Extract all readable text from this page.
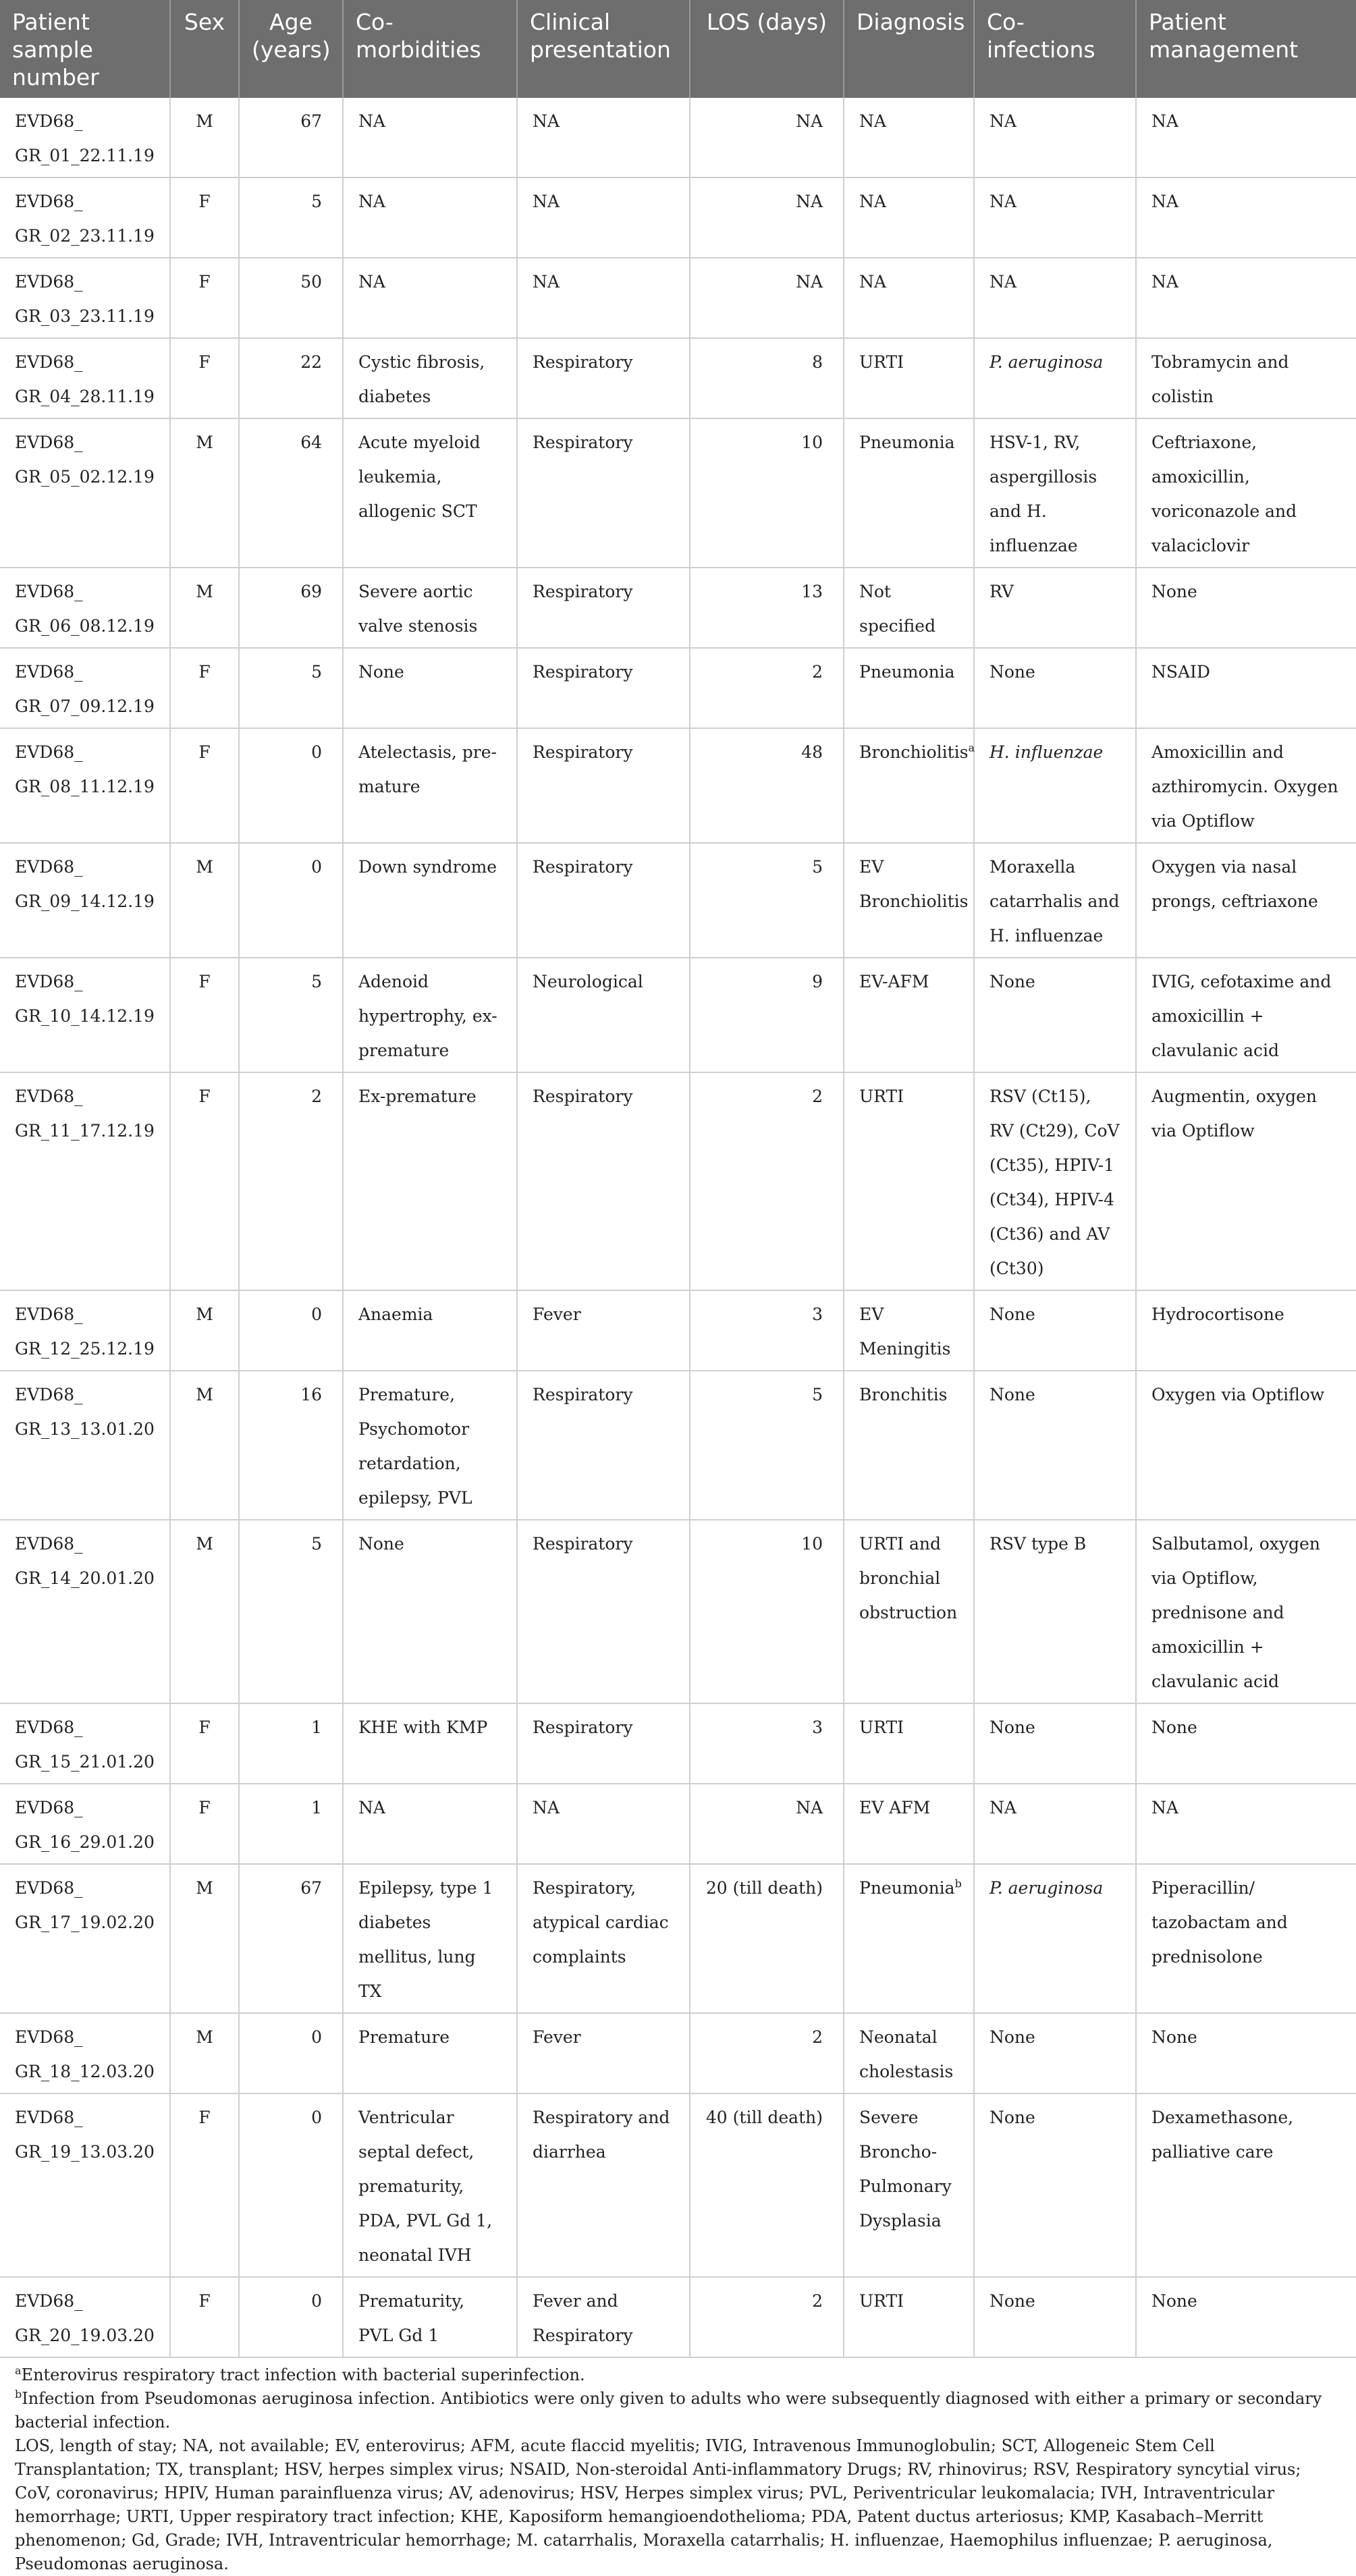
Patient sample number	Sex	Age (years)	Co-morbidities	Clinical presentation	LOS (days)	Diagnosis	Co-infections	Patient management
EVD68_ GR_01_22.11.19	M	67	NA	NA	NA	NA	NA	NA
EVD68_ GR_02_23.11.19	F	5	NA	NA	NA	NA	NA	NA
EVD68_ GR_03_23.11.19	F	50	NA	NA	NA	NA	NA	NA
EVD68_ GR_04_28.11.19	F	22	Cystic fibrosis, diabetes	Respiratory	8	URTI	P. aeruginosa	Tobramycin and colistin
EVD68_ GR_05_02.12.19	M	64	Acute myeloid leukemia, allogenic SCT	Respiratory	10	Pneumonia	HSV-1, RV, aspergillosis and H. influenzae	Ceftriaxone, amoxicillin, voriconazole and valaciclovir
EVD68_ GR_06_08.12.19	M	69	Severe aortic valve stenosis	Respiratory	13	Not specified	RV	None
EVD68_ GR_07_09.12.19	F	5	None	Respiratory	2	Pneumonia	None	NSAID
EVD68_ GR_08_11.12.19	F	0	Atelectasis, pre-mature	Respiratory	48	Bronchiolitis$^a$	H. influenzae	Amoxicillin and azthiromycin. Oxygen via Optiflow
EVD68_ GR_09_14.12.19	M	0	Down syndrome	Respiratory	5	EV Bronchiolitis	Moraxella catarrhalis and H. influenzae	Oxygen via nasal prongs, ceftriaxone
EVD68_ GR_10_14.12.19	F	5	Adenoid hypertrophy, ex-premature	Neurological	9	EV-AFM	None	IVIG, cefotaxime and amoxicillin + clavulanic acid
EVD68_ GR_11_17.12.19	F	2	Ex-premature	Respiratory	2	URTI	RSV (Ct15), RV (Ct29), CoV (Ct35), HPIV-1 (Ct34), HPIV-4 (Ct36) and AV (Ct30)	Augmentin, oxygen via Optiflow
EVD68_ GR_12_25.12.19	M	0	Anaemia	Fever	3	EV Meningitis	None	Hydrocortisone
EVD68_ GR_13_13.01.20	M	16	Premature, Psychomotor retardation, epilepsy, PVL	Respiratory	5	Bronchitis	None	Oxygen via Optiflow
EVD68_ GR_14_20.01.20	M	5	None	Respiratory	10	URTI and bronchial obstruction	RSV type B	Salbutamol, oxygen via Optiflow, prednisone and amoxicillin + clavulanic acid
EVD68_ GR_15_21.01.20	F	1	KHE with KMP	Respiratory	3	URTI	None	None
EVD68_ GR_16_29.01.20	F	1	NA	NA	NA	EV AFM	NA	NA
EVD68_ GR_17_19.02.20	M	67	Epilepsy, type 1 diabetes mellitus, lung TX	Respiratory, atypical cardiac complaints	20 (till death)	Pneumonia$^b$	P. aeruginosa	Piperacillin/ tazobactam and prednisolone
EVD68_ GR_18_12.03.20	M	0	Premature	Fever	2	Neonatal cholestasis	None	None
EVD68_ GR_19_13.03.20	F	0	Ventricular septal defect, prematurity, PDA, PVL Gd 1, neonatal IVH	Respiratory and diarrhea	40 (till death)	Severe Broncho-Pulmonary Dysplasia	None	Dexamethasone, palliative care
EVD68_ GR_20_19.03.20	F	0	Prematurity, PVL Gd 1	Fever and Respiratory	2	URTI	None	None

$^a$Enterovirus respiratory tract infection with bacterial superinfection.

$^b$Infection from Pseudomonas aeruginosa infection. Antibiotics were only given to adults who were subsequently diagnosed with either a primary or secondary bacterial infection.

LOS, length of stay; NA, not available; EV, enterovirus; AFM, acute flaccid myelitis; IVIG, Intravenous Immunoglobulin; SCT, Allogeneic Stem Cell Transplantation; TX, transplant; HSV, herpes simplex virus; NSAID, Non-steroidal Anti-inflammatory Drugs; RV, rhinovirus; RSV, Respiratory syncytial virus; CoV, coronavirus; HPIV, Human parainfluenza virus; AV, adenovirus; HSV, Herpes simplex virus; PVL, Periventricular leukomalacia; IVH, Intraventricular hemorrhage; URTI, Upper respiratory tract infection; KHE, Kaposiform hemangioendothelioma; PDA, Patent ductus arteriosus; KMP, Kasabach–Merritt phenomenon; Gd, Grade; IVH, Intraventricular hemorrhage; M. catarrhalis, Moraxella catarrhalis; H. influenzae, Haemophilus influenzae; P. aeruginosa, Pseudomonas aeruginosa.
